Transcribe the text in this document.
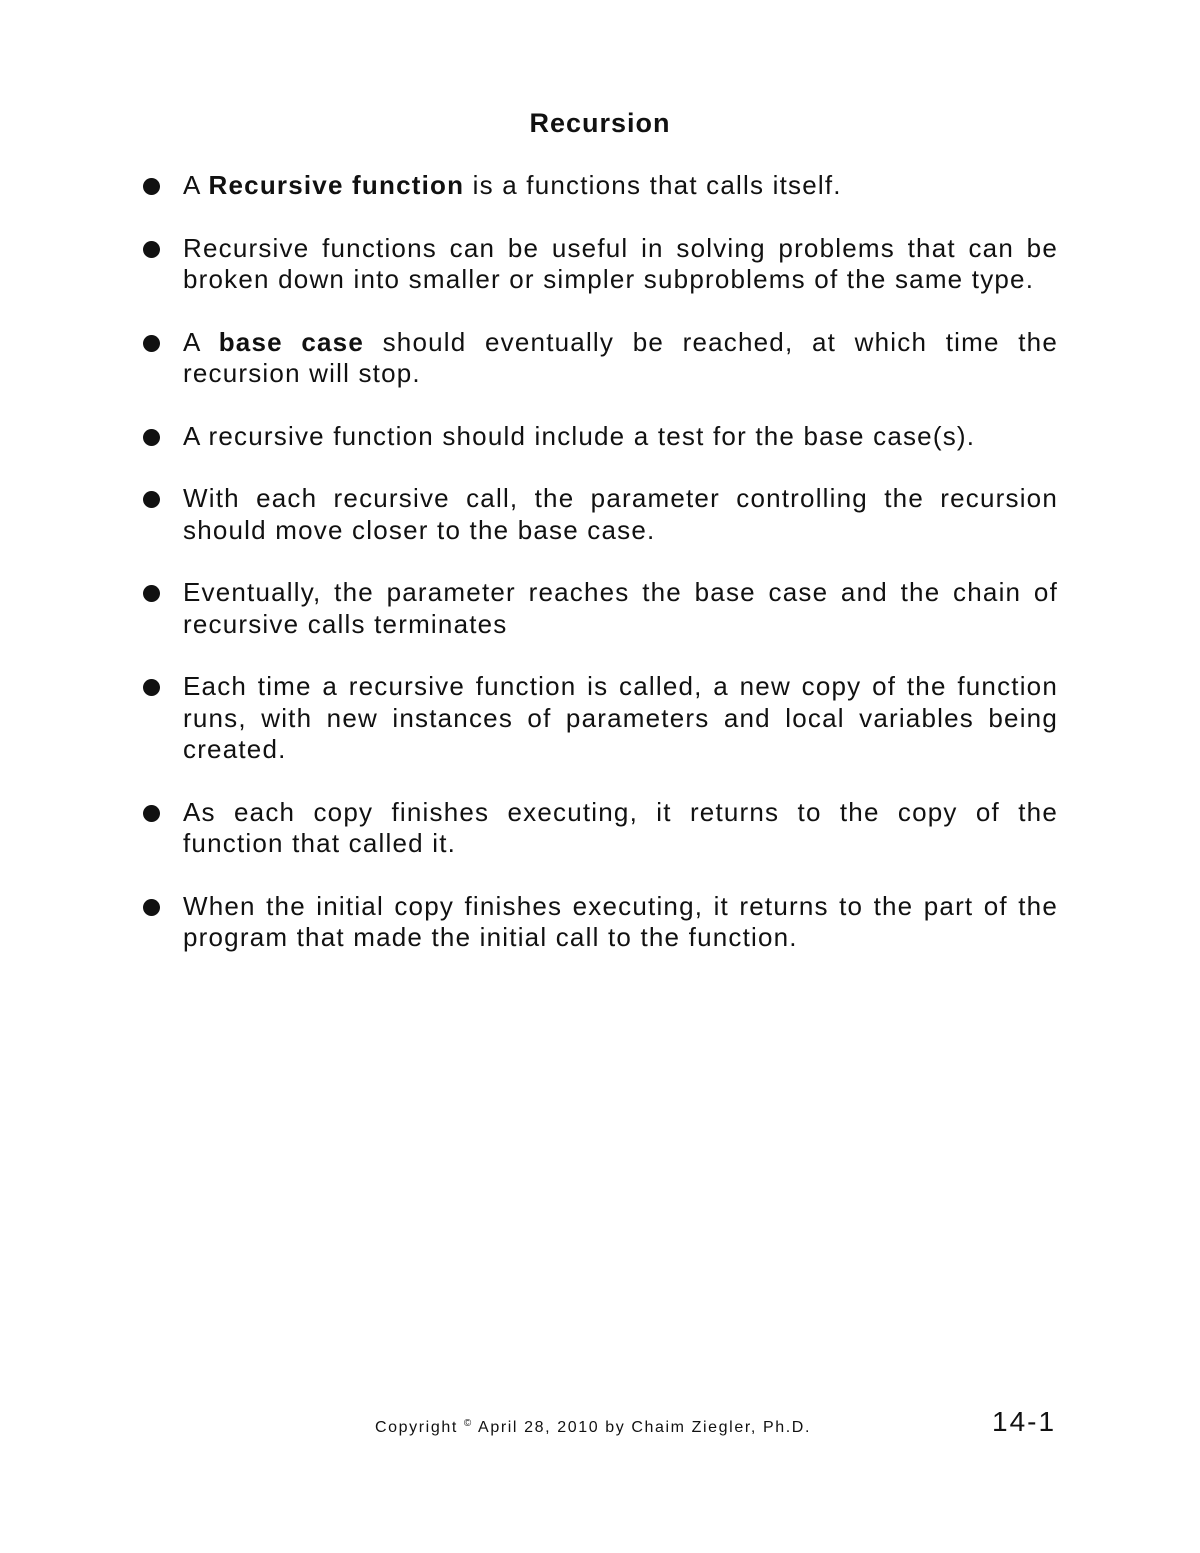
Recursion
A Recursive function is a functions that calls itself.
Recursive functions can be useful in solving problems that can be broken down into smaller or simpler subproblems of the same type.
A base case should eventually be reached, at which time the recursion will stop.
A recursive function should include a test for the base case(s).
With each recursive call, the parameter controlling the recursion should move closer to the base case.
Eventually, the parameter reaches the base case and the chain of recursive calls terminates
Each time a recursive function is called, a new copy of the function runs, with new instances of parameters and local variables being created.
As each copy finishes executing, it returns to the copy of the function that called it.
When the initial copy finishes executing, it returns to the part of the program that made the initial call to the function.
Copyright © April 28, 2010 by Chaim Ziegler, Ph.D.	14-1
